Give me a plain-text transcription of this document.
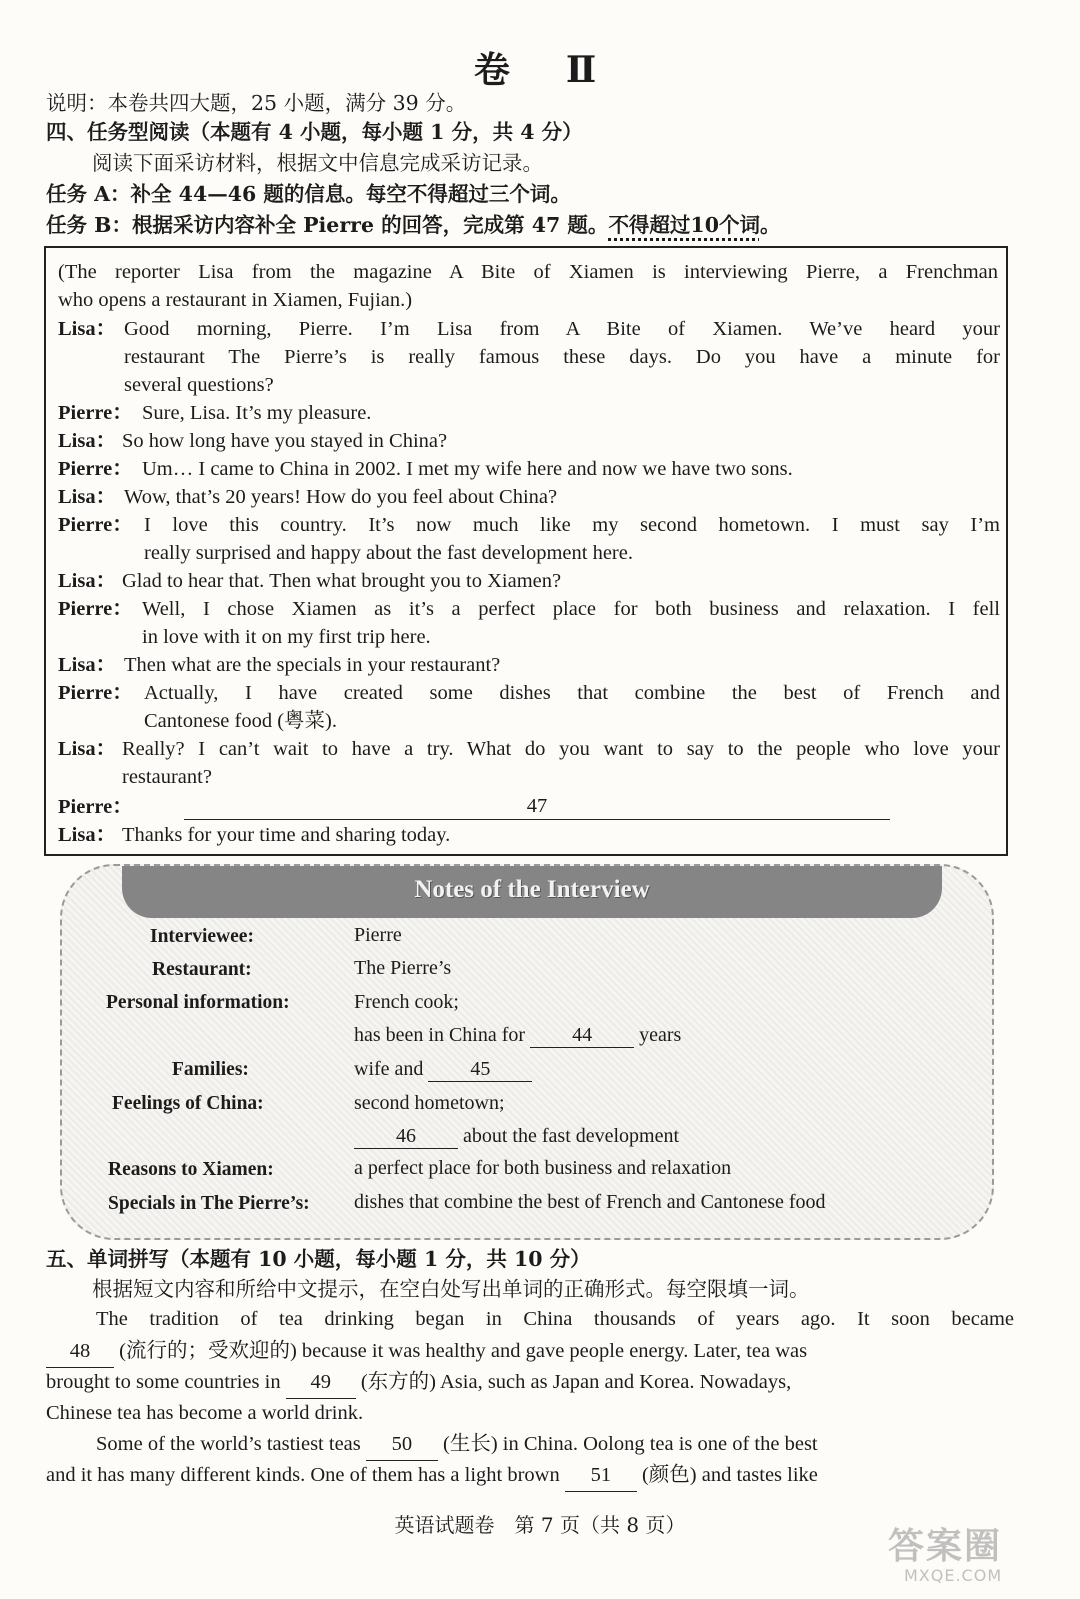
卷　Ⅱ
说明：本卷共四大题，25 小题，满分 39 分。
四、任务型阅读（本题有 4 小题，每小题 1 分，共 4 分）
阅读下面采访材料，根据文中信息完成采访记录。
任务 A：补全 44—46 题的信息。每空不得超过三个词。
任务 B：根据采访内容补全 Pierre 的回答，完成第 47 题。不得超过10个词。
(The reporter Lisa from the magazine A Bite of Xiamen is interviewing Pierre, a Frenchman
who opens a restaurant in Xiamen, Fujian.)
Lisa： Good morning, Pierre. I’m Lisa from A Bite of Xiamen. We’ve heard your
restaurant The Pierre’s is really famous these days. Do you have a minute for
several questions?
Pierre： Sure, Lisa. It’s my pleasure.
Lisa： So how long have you stayed in China?
Pierre： Um… I came to China in 2002. I met my wife here and now we have two sons.
Lisa： Wow, that’s 20 years! How do you feel about China?
Pierre： I love this country. It’s now much like my second hometown. I must say I’m
really surprised and happy about the fast development here.
Lisa： Glad to hear that. Then what brought you to Xiamen?
Pierre： Well, I chose Xiamen as it’s a perfect place for both business and relaxation. I fell
in love with it on my first trip here.
Lisa： Then what are the specials in your restaurant?
Pierre： Actually, I have created some dishes that combine the best of French and
Cantonese food (粤菜).
Lisa： Really? I can’t wait to have a try. What do you want to say to the people who love your
restaurant?
Pierre：	47
Lisa： Thanks for your time and sharing today.
Notes of the Interview
Interviewee:	Pierre
Restaurant:	The Pierre’s
Personal information:	French cook;
has been in China for 44 years
Families:	wife and 45
Feelings of China:	second hometown;
46 about the fast development
Reasons to Xiamen:	a perfect place for both business and relaxation
Specials in The Pierre’s: dishes that combine the best of French and Cantonese food
五、单词拼写（本题有 10 小题，每小题 1 分，共 10 分）
根据短文内容和所给中文提示，在空白处写出单词的正确形式。每空限填一词。
The tradition of tea drinking began in China thousands of years ago. It soon became
48 (流行的；受欢迎的) because it was healthy and gave people energy. Later, tea was
brought to some countries in 49 (东方的) Asia, such as Japan and Korea. Nowadays,
Chinese tea has become a world drink.
Some of the world’s tastiest teas 50 (生长) in China. Oolong tea is one of the best
and it has many different kinds. One of them has a light brown 51 (颜色) and tastes like
英语试题卷　第 7 页（共 8 页）
答案圈
MXQE.COM
